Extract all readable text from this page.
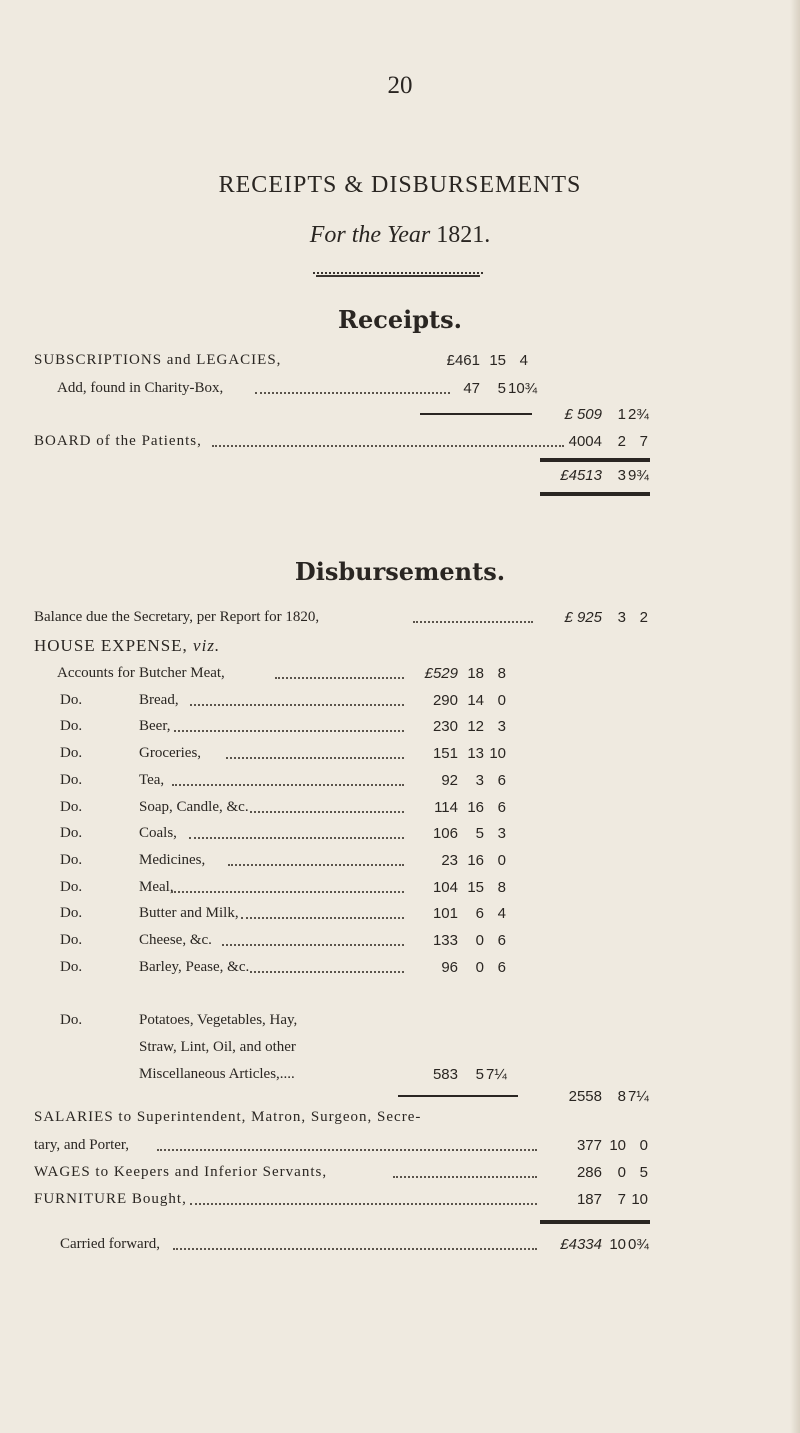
20
RECEIPTS & DISBURSEMENTS
For the Year 1821.
Receipts.
SUBSCRIPTIONS and LEGACIES,	£461 15 4
Add, found in Charity-Box,	47	5 10¾
£ 509	1 2¾
BOARD of the Patients,	4004	2 7
£4513	3 9¾
Disbursements.
Balance due the Secretary, per Report for 1820,	£ 925	3 2
HOUSE EXPENSE, viz.
Accounts for Butcher Meat,	£529 18 8
Do.	Bread,	290 14 0
Do.	Beer,	230 12 3
Do.	Groceries,	151 13 10
Do.	Tea,	92	3 6
Do.	Soap, Candle, &c.	114 16 6
Do.	Coals,	106	5 3
Do.	Medicines,	23 16 0
Do.	Meal,	104 15 8
Do.	Butter and Milk,	101	6 4
Do.	Cheese, &c.	133	0 6
Do.	Barley, Pease, &c.	96	0 6
Do.	Potatoes, Vegetables, Hay,
Straw, Lint, Oil, and other
Miscellaneous Articles,....	583	5 7¼
2558	8 7¼
SALARIES to Superintendent, Matron, Surgeon, Secre-
tary, and Porter,	377 10 0
WAGES to Keepers and Inferior Servants,	286	0 5
FURNITURE Bought,	187	7 10
Carried forward,	£4334 10 0¾
